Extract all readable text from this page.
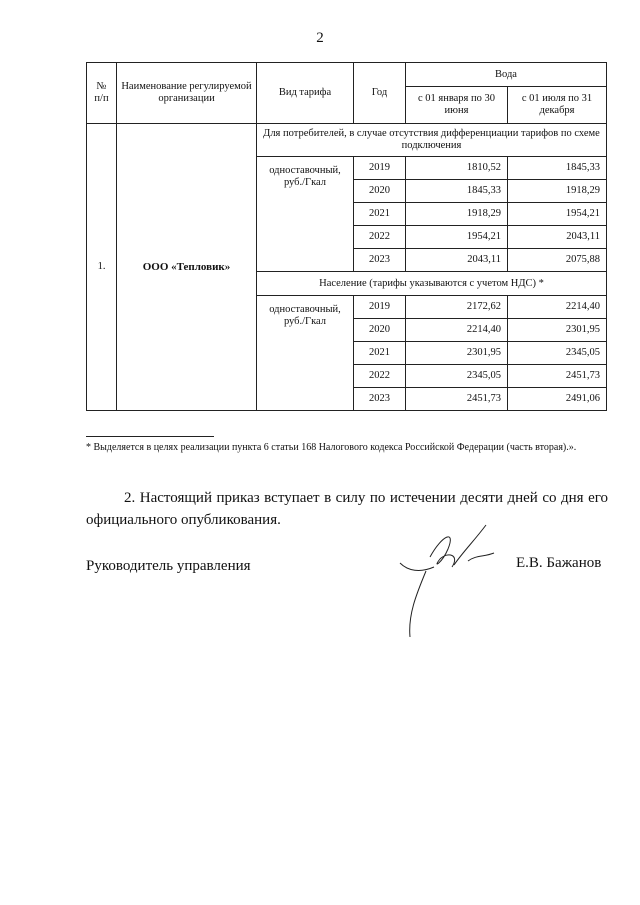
2
№ п/п	Наименование регулируемой организации	Вид тарифа	Год	Вода	
				с 01 января по 30 июня	с 01 июля по 31 декабря
1.	ООО «Тепловик»	Для потребителей, в случае отсутствия дифференциации тарифов по схеме подключения			
		одноставочный, руб./Гкал	2019	1810,52	1845,33
			2020	1845,33	1918,29
			2021	1918,29	1954,21
			2022	1954,21	2043,11
			2023	2043,11	2075,88
		Население (тарифы указываются с учетом НДС) *			
		одноставочный, руб./Гкал	2019	2172,62	2214,40
			2020	2214,40	2301,95
			2021	2301,95	2345,05
			2022	2345,05	2451,73
			2023	2451,73	2491,06
* Выделяется в целях реализации пункта 6 статьи 168 Налогового кодекса Российской Федерации (часть вторая).».
2. Настоящий приказ вступает в силу по истечении десяти дней со дня его официального опубликования.
Руководитель управления	Е.В. Бажанов
